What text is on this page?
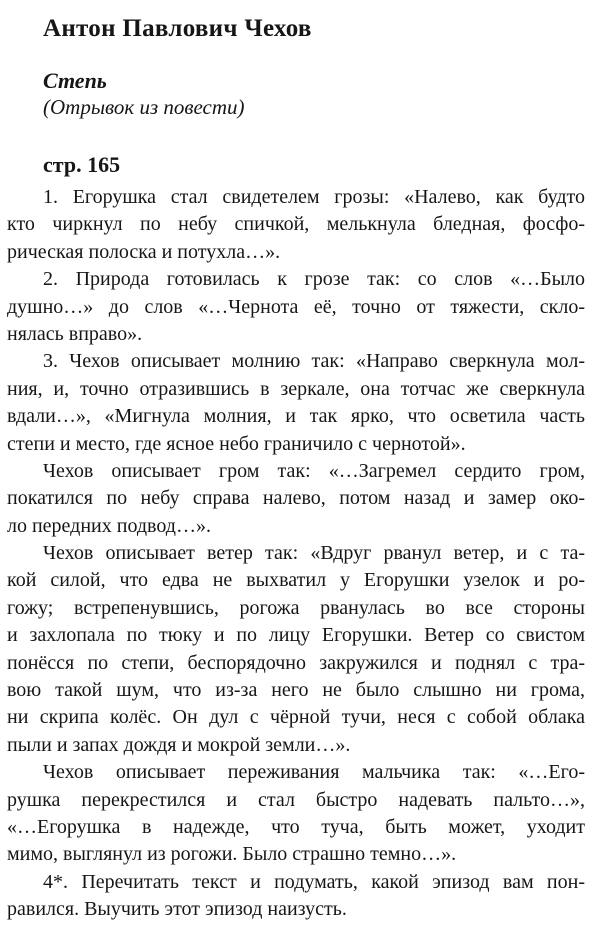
Антон Павлович Чехов
Степь
(Отрывок из повести)
стр. 165
1. Егорушка стал свидетелем грозы: «Налево, как будто
кто чиркнул по небу спичкой, мелькнула бледная, фосфо-
рическая полоска и потухла…».
2. Природа готовилась к грозе так: со слов «…Было
душно…» до слов «…Чернота её, точно от тяжести, скло-
нялась вправо».
3. Чехов описывает молнию так: «Направо сверкнула мол-
ния, и, точно отразившись в зеркале, она тотчас же сверкнула
вдали…», «Мигнула молния, и так ярко, что осветила часть
степи и место, где ясное небо граничило с чернотой».
Чехов описывает гром так: «…Загремел сердито гром,
покатился по небу справа налево, потом назад и замер око-
ло передних подвод…».
Чехов описывает ветер так: «Вдруг рванул ветер, и с та-
кой силой, что едва не выхватил у Егорушки узелок и ро-
гожу; встрепенувшись, рогожа рванулась во все стороны
и захлопала по тюку и по лицу Егорушки. Ветер со свистом
понёсся по степи, беспорядочно закружился и поднял с тра-
вою такой шум, что из-за него не было слышно ни грома,
ни скрипа колёс. Он дул с чёрной тучи, неся с собой облака
пыли и запах дождя и мокрой земли…».
Чехов описывает переживания мальчика так: «…Его-
рушка перекрестился и стал быстро надевать пальто…»,
«…Егорушка в надежде, что туча, быть может, уходит
мимо, выглянул из рогожи. Было страшно темно…».
4*. Перечитать текст и подумать, какой эпизод вам пон-
равился. Выучить этот эпизод наизусть.
